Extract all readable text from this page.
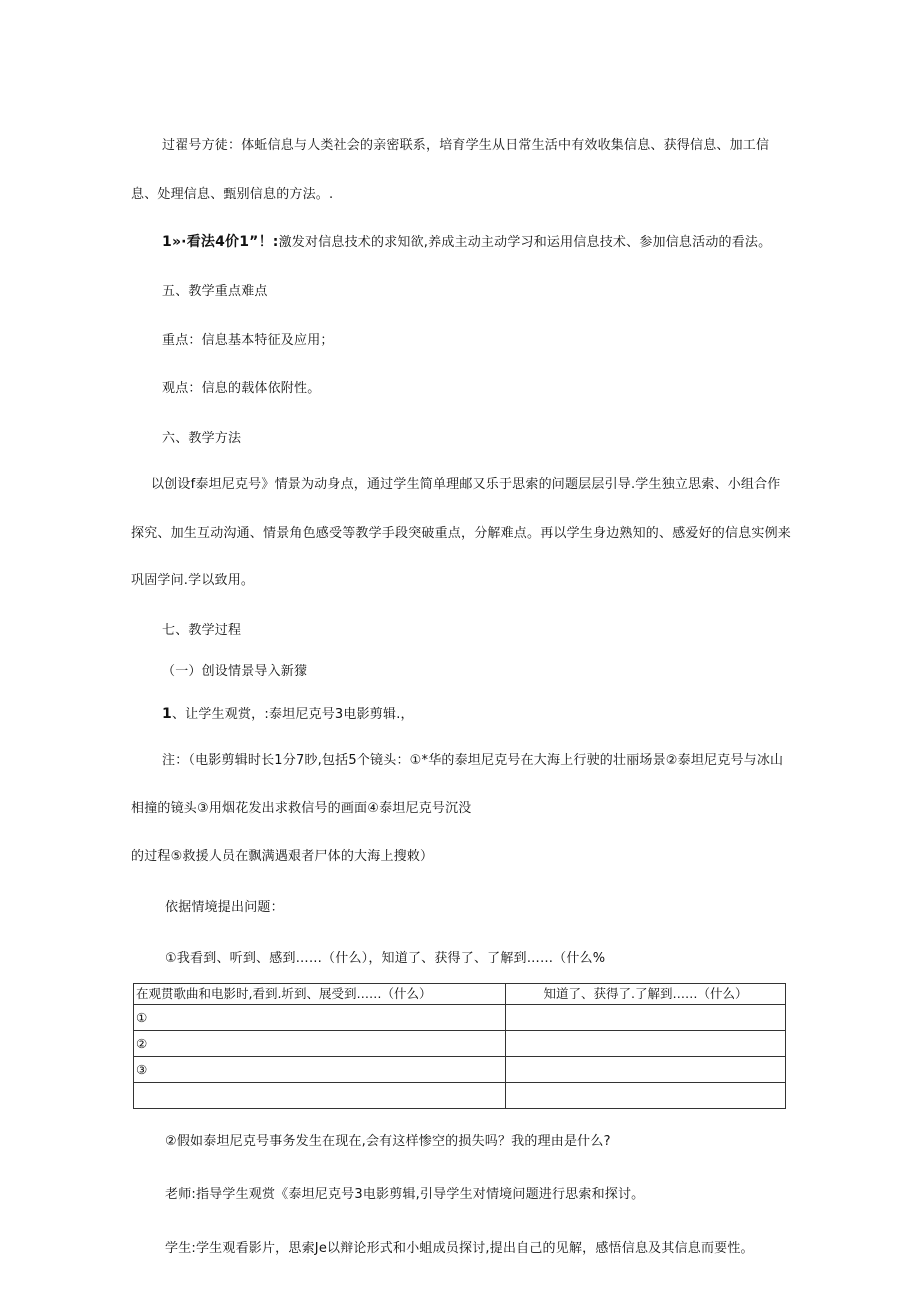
过翟号方徒：体蚯信息与人类社会的亲密联系，培育学生从日常生活中有效收集信息、获得信息、加工信
息、处理信息、甄别信息的方法。.
1»·看法4价1”！:激发对信息技术的求知欲,养成主动主动学习和运用信息技术、参加信息活动的看法。
五、教学重点难点
重点：信息基本特征及应用；
观点：信息的载体依附性。
六、教学方法
以创设f泰坦尼克号》情景为动身点，通过学生简单理邮又乐于思索的问题层层引导.学生独立思索、小组合作
探究、加生互动沟通、情景角色感受等教学手段突破重点，分解难点。再以学生身边熟知的、感爱好的信息实例来
巩固学问.学以致用。
七、教学过程
（一）创设情景导入新獴
1、让学生观赏，:泰坦尼克号3电影剪辑.，
注：（电影剪辑时长1分7眇,包括5个镜头：①*华的泰坦尼克号在大海上行驶的壮丽场景②泰坦尼克号与冰山
相撞的镜头③用烟花发出求救信号的画面④泰坦尼克号沉没
的过程⑤救援人员在飘满遇艰者尸体的大海上搜敕）
依据情境提出问题：
①我看到、听到、感到……（什么），知道了、获得了、了解到……（什么%
在观贯歌曲和电影时,看到.圻到、展受到……（什么）	知道了、获得了.了解到……（什么）
①	
②	
③	

②假如泰坦尼克号事务发生在现在,会有这样惨空的损失吗？我的理由是什么?
老师:指导学生观赏《泰坦尼克号3电影剪辑,引导学生对情境问题进行思索和探讨。
学生:学生观看影片，思索Je以辩论形式和小蛆成员探讨,提出自己的见解，感悟信息及其信息而要性。
